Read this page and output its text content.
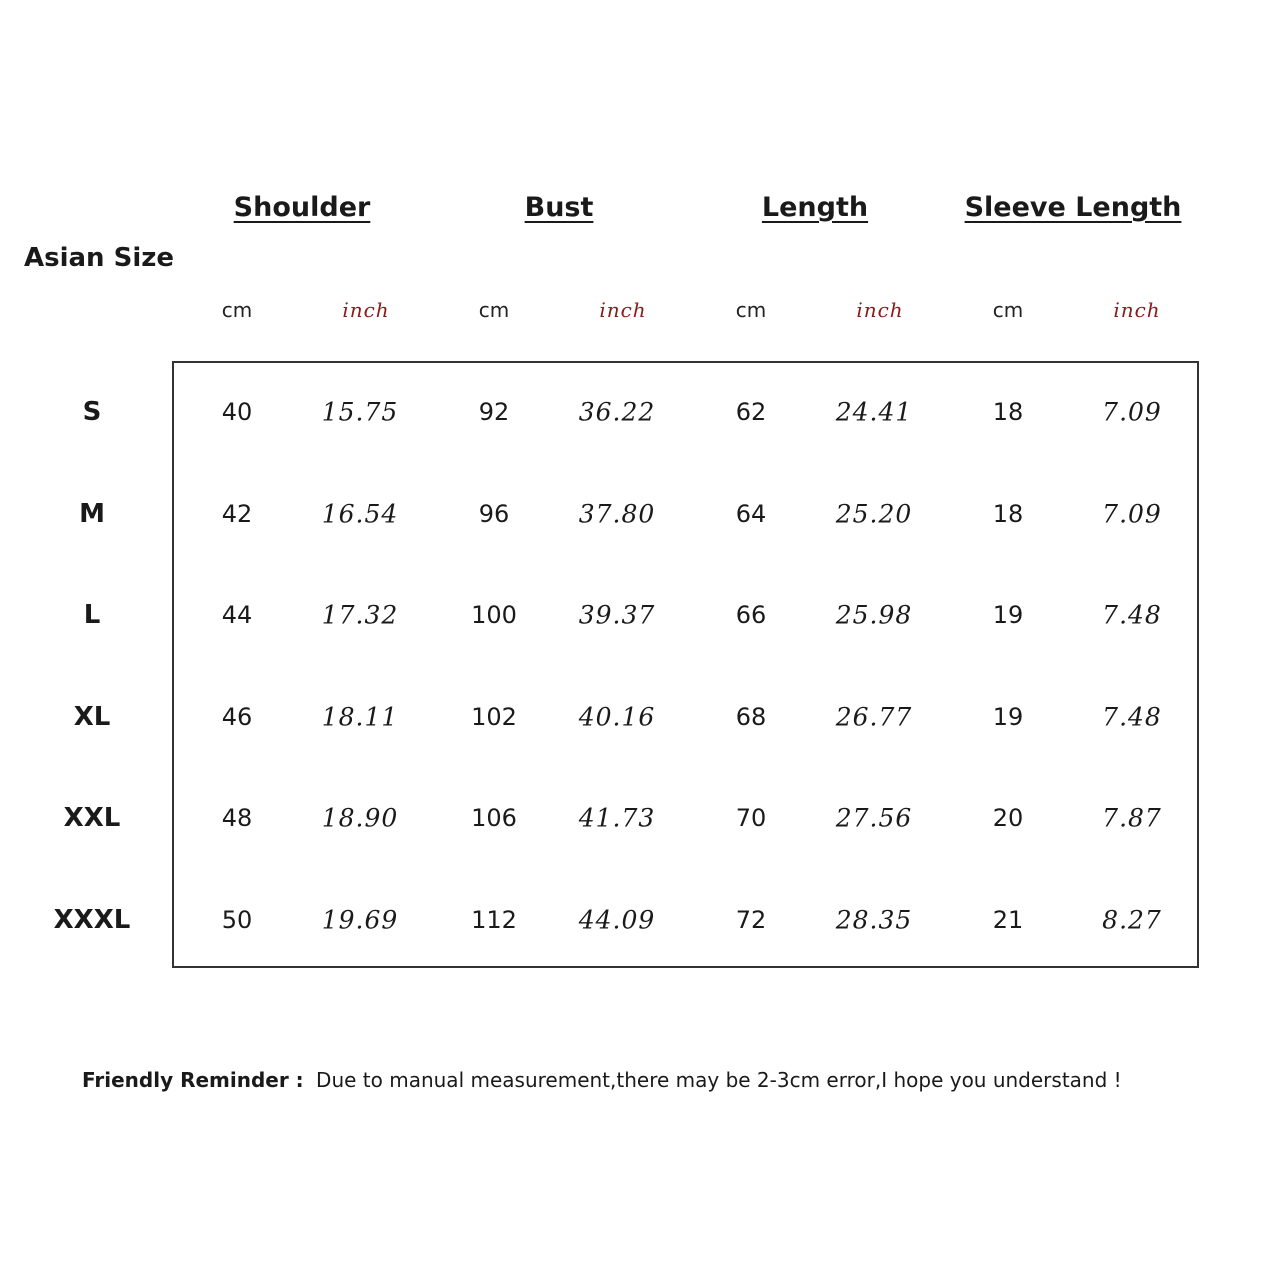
Shoulder	Bust	Length	Sleeve Length
Asian Size
cm	inch	cm	inch	cm	inch	cm	inch
S	40	15.75	92	36.22	62	24.41	18	7.09
M	42	16.54	96	37.80	64	25.20	18	7.09
L	44	17.32	100 39.37	66	25.98	19	7.48
XL	46	18.11	102 40.16	68	26.77	19	7.48
XXL	48	18.90	106 41.73	70	27.56	20	7.87
XXXL	50	19.69	112 44.09	72	28.35	21	8.27
Friendly Reminder : Due to manual measurement,there may be 2-3cm error,I hope you understand !
